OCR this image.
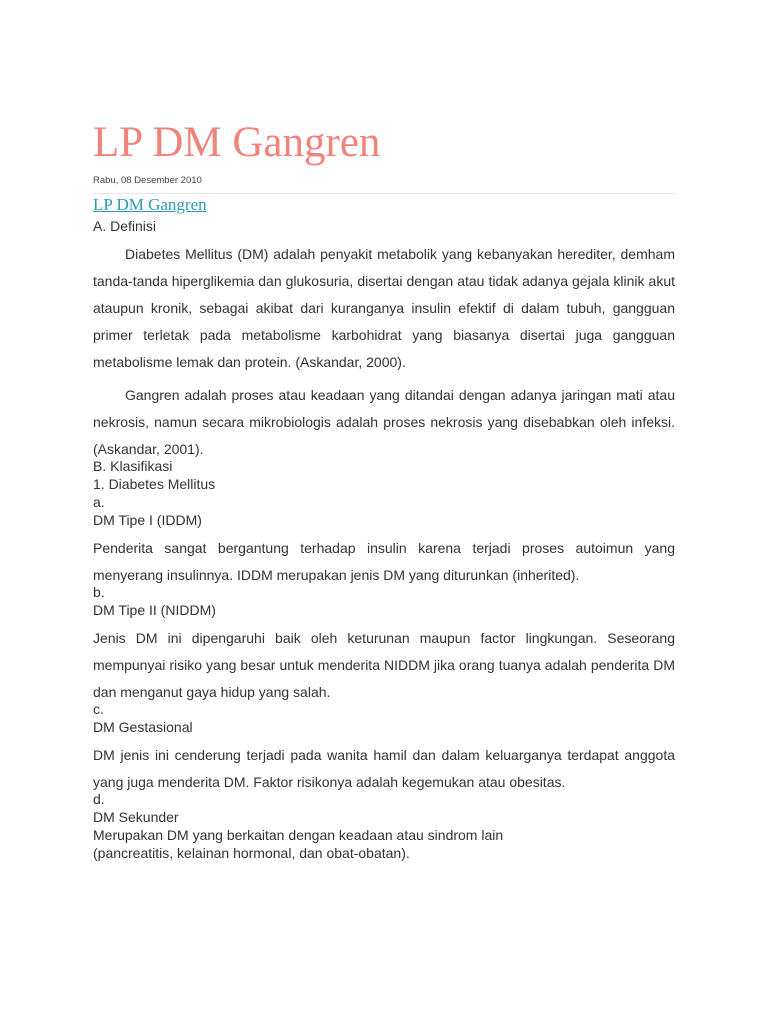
LP DM Gangren
Rabu, 08 Desember 2010
LP DM Gangren
A. Definisi

Diabetes Mellitus (DM) adalah penyakit metabolik yang kebanyakan herediter, demham tanda-tanda hiperglikemia dan glukosuria, disertai dengan atau tidak adanya gejala klinik akut ataupun kronik, sebagai akibat dari kuranganya insulin efektif di dalam tubuh, gangguan primer terletak pada metabolisme karbohidrat yang biasanya disertai juga gangguan metabolisme lemak dan protein. (Askandar, 2000).

Gangren adalah proses atau keadaan yang ditandai dengan adanya jaringan mati atau nekrosis, namun secara mikrobiologis adalah proses nekrosis yang disebabkan oleh infeksi. (Askandar, 2001).

B. Klasifikasi
1. Diabetes Mellitus
a.
DM Tipe I (IDDM)

Penderita sangat bergantung terhadap insulin karena terjadi proses autoimun yang menyerang insulinnya. IDDM merupakan jenis DM yang diturunkan (inherited).

b.
DM Tipe II (NIDDM)

Jenis DM ini dipengaruhi baik oleh keturunan maupun factor lingkungan. Seseorang mempunyai risiko yang besar untuk menderita NIDDM jika orang tuanya adalah penderita DM dan menganut gaya hidup yang salah.

c.
DM Gestasional

DM jenis ini cenderung terjadi pada wanita hamil dan dalam keluarganya terdapat anggota yang juga menderita DM. Faktor risikonya adalah kegemukan atau obesitas.

d.
DM Sekunder
Merupakan DM yang berkaitan dengan keadaan atau sindrom lain
(pancreatitis, kelainan hormonal, dan obat-obatan).
